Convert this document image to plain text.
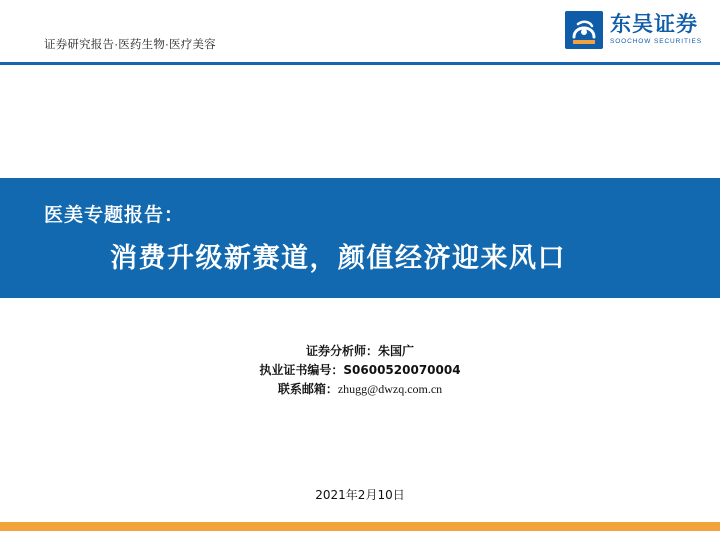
证券研究报告·医药生物·医疗美容
东吴证券
SOOCHOW SECURITIES
医美专题报告：
消费升级新赛道，颜值经济迎来风口
证券分析师：朱国广
执业证书编号：S0600520070004
联系邮箱：zhugg@dwzq.com.cn
2021年2月10日
1
